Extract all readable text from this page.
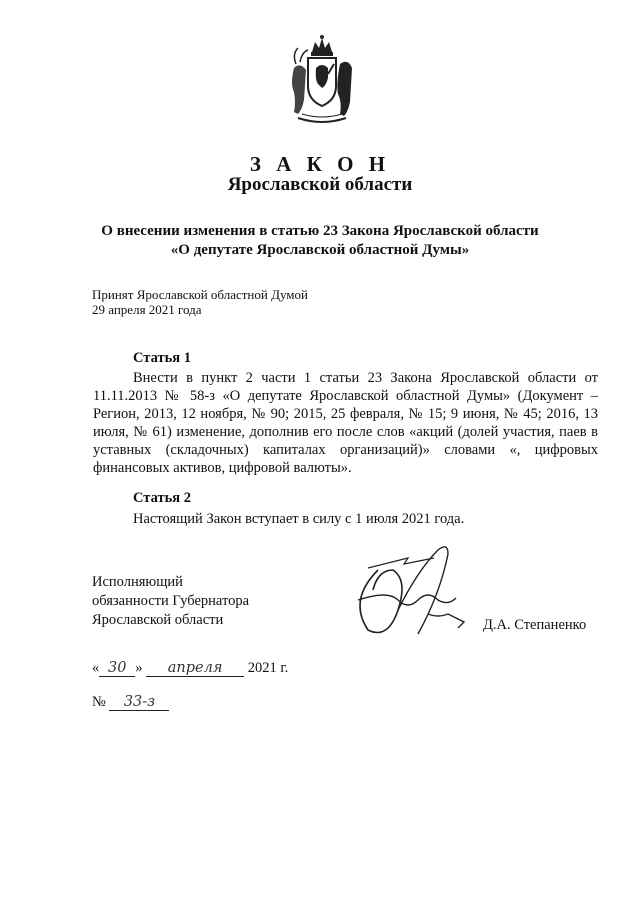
З А К О Н
Ярославской области
О внесении изменения в статью 23 Закона Ярославской области
«О депутате Ярославской областной Думы»
Принят Ярославской областной Думой
29 апреля 2021 года
Статья 1
Внести в пункт 2 части 1 статьи 23 Закона Ярославской области от 11.11.2013 № 58-з «О депутате Ярославской областной Думы» (Документ – Регион, 2013, 12 ноября, № 90; 2015, 25 февраля, № 15; 9 июня, № 45; 2016, 13 июля, № 61) изменение, дополнив его после слов «акций (долей участия, паев в уставных (складочных) капиталах организаций)» словами «, цифровых финансовых активов, цифровой валюты».
Статья 2
Настоящий Закон вступает в силу с 1 июля 2021 года.
Исполняющий
обязанности Губернатора
Ярославской области	Д.А. Степаненко
« 30 » апреля 2021 г.
№ 33-з
